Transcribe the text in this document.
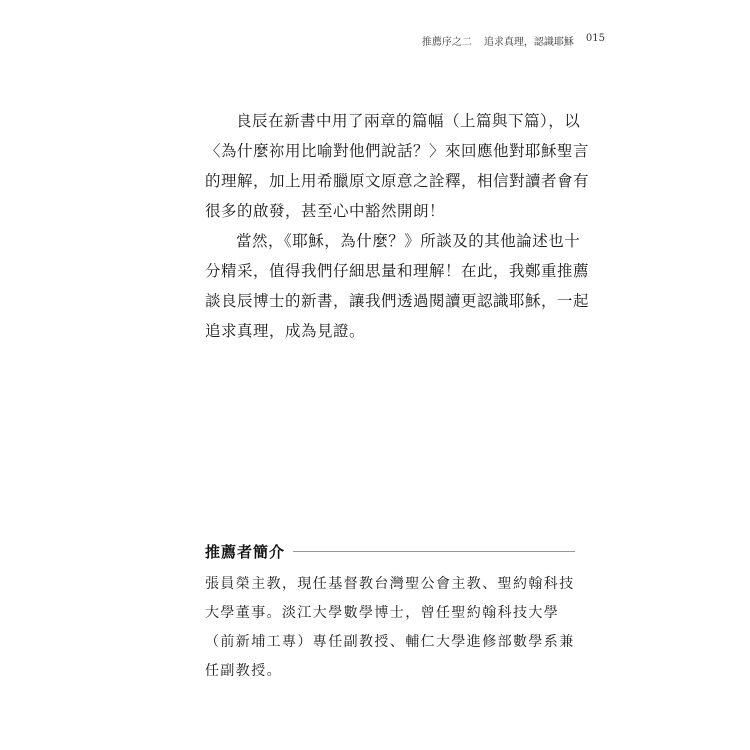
推薦序之二 追求真理，認識耶穌 015

良辰在新書中用了兩章的篇幅（上篇與下篇），以
〈為什麼祢用比喻對他們說話？〉來回應他對耶穌聖言
的理解，加上用希臘原文原意之詮釋，相信對讀者會有
很多的啟發，甚至心中豁然開朗！

當然，《耶穌，為什麼？》所談及的其他論述也十
分精采，值得我們仔細思量和理解！在此，我鄭重推薦
談良辰博士的新書，讓我們透過閱讀更認識耶穌，一起
追求真理，成為見證。

推薦者簡介
張員榮主教，現任基督教台灣聖公會主教、聖約翰科技
大學董事。淡江大學數學博士，曾任聖約翰科技大學
（前新埔工專）專任副教授、輔仁大學進修部數學系兼
任副教授。
